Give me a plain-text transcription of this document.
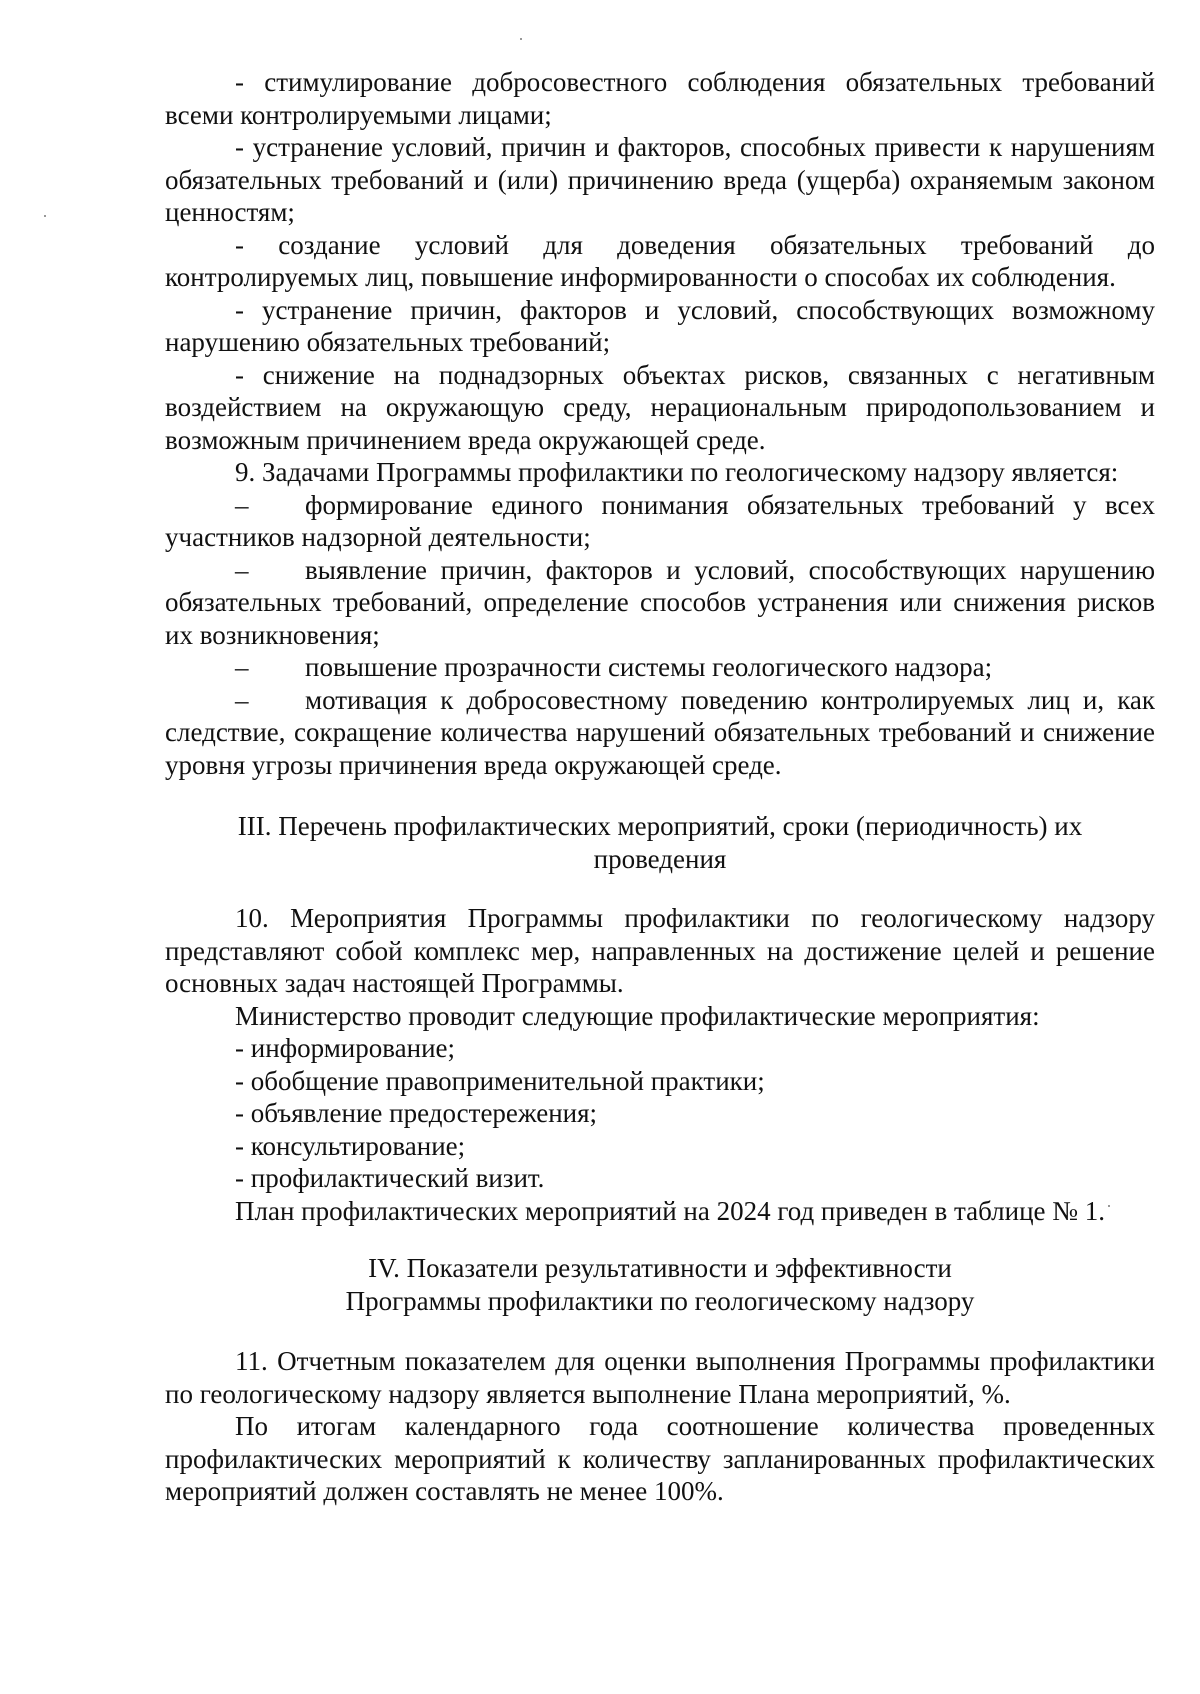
- стимулирование добросовестного соблюдения обязательных требований всеми контролируемыми лицами;

- устранение условий, причин и факторов, способных привести к нарушениям обязательных требований и (или) причинению вреда (ущерба) охраняемым законом ценностям;

- создание условий для доведения обязательных требований до контролируемых лиц, повышение информированности о способах их соблюдения.

- устранение причин, факторов и условий, способствующих возможному нарушению обязательных требований;

- снижение на поднадзорных объектах рисков, связанных с негативным воздействием на окружающую среду, нерациональным природопользованием и возможным причинением вреда окружающей среде.

9. Задачами Программы профилактики по геологическому надзору является:

– формирование единого понимания обязательных требований у всех участников надзорной деятельности;

– выявление причин, факторов и условий, способствующих нарушению обязательных требований, определение способов устранения или снижения рисков их возникновения;

– повышение прозрачности системы геологического надзора;

– мотивация к добросовестному поведению контролируемых лиц и, как следствие, сокращение количества нарушений обязательных требований и снижение уровня угрозы причинения вреда окружающей среде.

III. Перечень профилактических мероприятий, сроки (периодичность) их
проведения

10. Мероприятия Программы профилактики по геологическому надзору представляют собой комплекс мер, направленных на достижение целей и решение основных задач настоящей Программы.

Министерство проводит следующие профилактические мероприятия:

- информирование;

- обобщение правоприменительной практики;

- объявление предостережения;

- консультирование;

- профилактический визит.

План профилактических мероприятий на 2024 год приведен в таблице № 1.

IV. Показатели результативности и эффективности
Программы профилактики по геологическому надзору

11. Отчетным показателем для оценки выполнения Программы профилактики по геологическому надзору является выполнение Плана мероприятий, %.

По итогам календарного года соотношение количества проведенных профилактических мероприятий к количеству запланированных профилактических мероприятий должен составлять не менее 100%.
